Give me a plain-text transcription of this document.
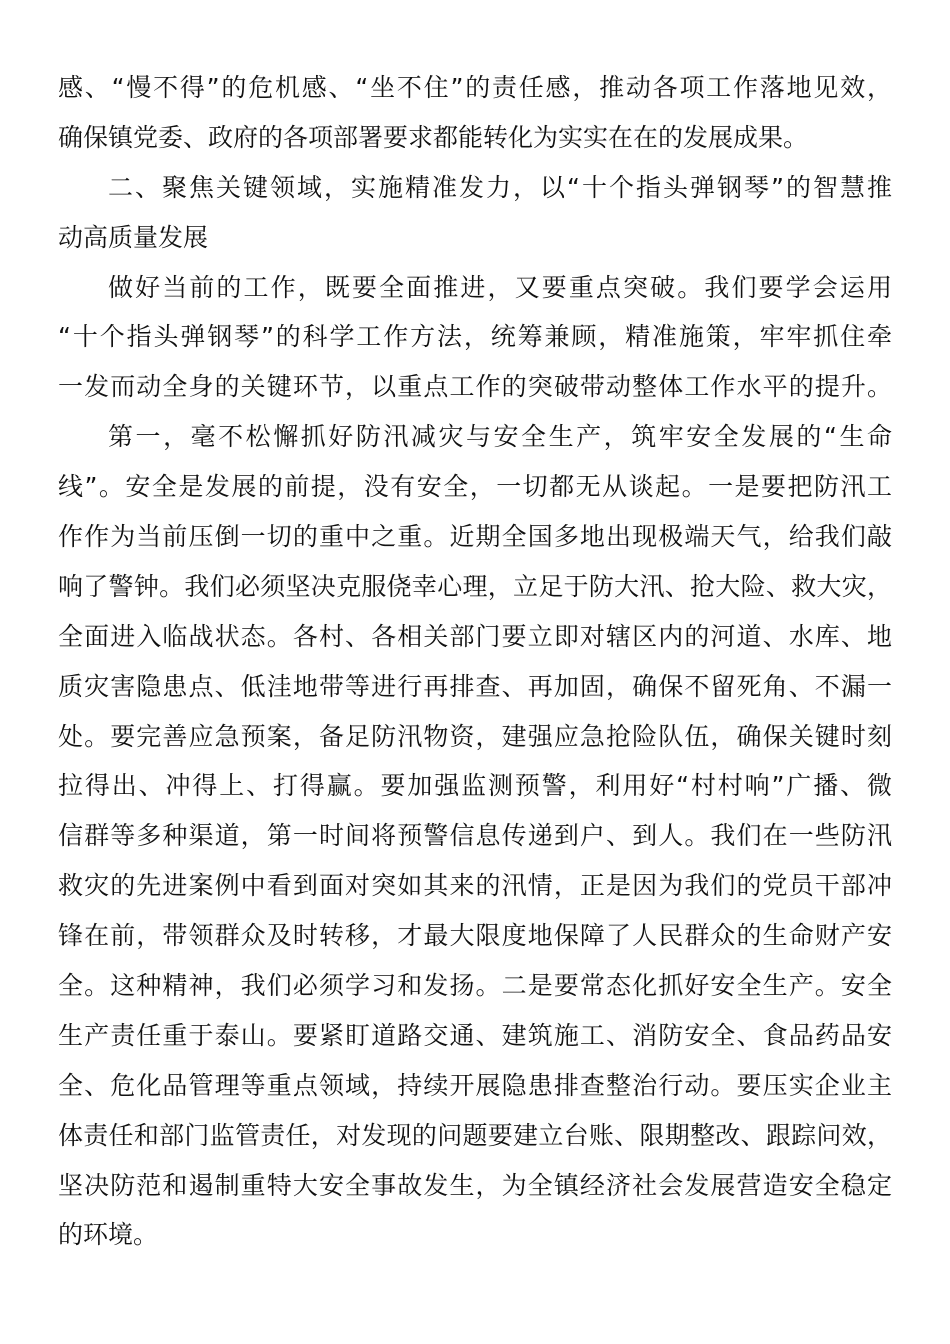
感、“慢不得”的危机感、“坐不住”的责任感，推动各项工作落地见效，
确保镇党委、政府的各项部署要求都能转化为实实在在的发展成果。
二、聚焦关键领域，实施精准发力，以“十个指头弹钢琴”的智慧推
动高质量发展
做好当前的工作，既要全面推进，又要重点突破。我们要学会运用
“十个指头弹钢琴”的科学工作方法，统筹兼顾，精准施策，牢牢抓住牵
一发而动全身的关键环节，以重点工作的突破带动整体工作水平的提升。
第一，毫不松懈抓好防汛减灾与安全生产，筑牢安全发展的“生命
线”。安全是发展的前提，没有安全，一切都无从谈起。一是要把防汛工
作作为当前压倒一切的重中之重。近期全国多地出现极端天气，给我们敲
响了警钟。我们必须坚决克服侥幸心理，立足于防大汛、抢大险、救大灾，
全面进入临战状态。各村、各相关部门要立即对辖区内的河道、水库、地
质灾害隐患点、低洼地带等进行再排查、再加固，确保不留死角、不漏一
处。要完善应急预案，备足防汛物资，建强应急抢险队伍，确保关键时刻
拉得出、冲得上、打得赢。要加强监测预警，利用好“村村响”广播、微
信群等多种渠道，第一时间将预警信息传递到户、到人。我们在一些防汛
救灾的先进案例中看到面对突如其来的汛情，正是因为我们的党员干部冲
锋在前，带领群众及时转移，才最大限度地保障了人民群众的生命财产安
全。这种精神，我们必须学习和发扬。二是要常态化抓好安全生产。安全
生产责任重于泰山。要紧盯道路交通、建筑施工、消防安全、食品药品安
全、危化品管理等重点领域，持续开展隐患排查整治行动。要压实企业主
体责任和部门监管责任，对发现的问题要建立台账、限期整改、跟踪问效，
坚决防范和遏制重特大安全事故发生，为全镇经济社会发展营造安全稳定
的环境。
